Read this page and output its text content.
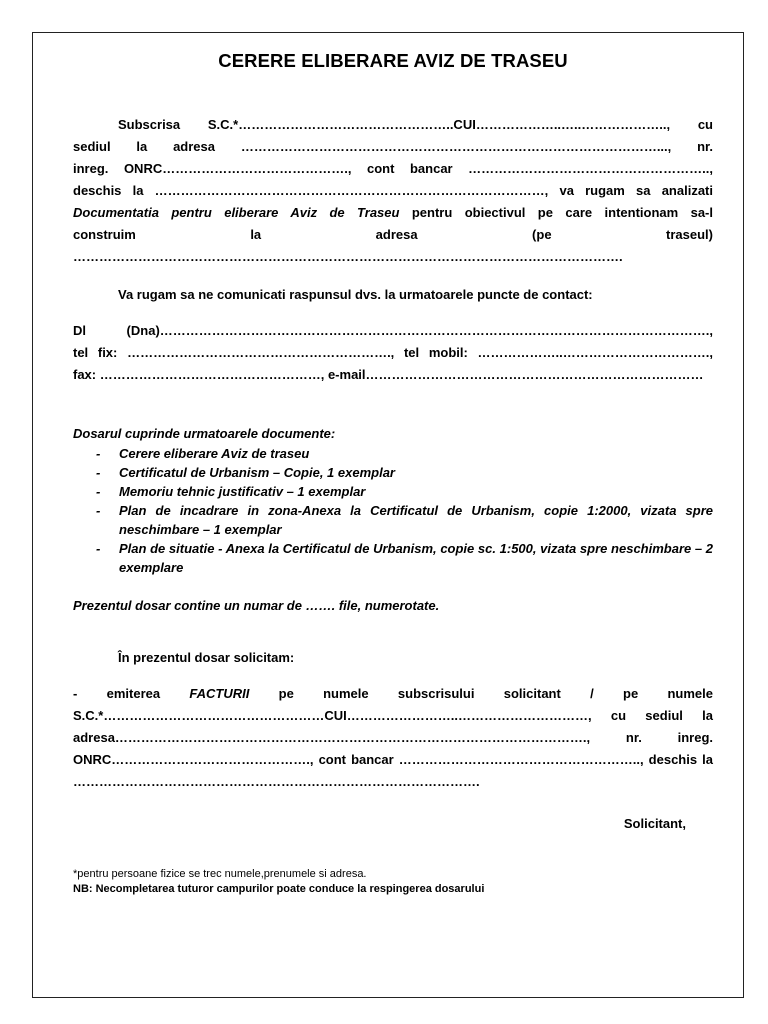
CERERE ELIBERARE AVIZ DE TRASEU

Subscrisa S.C.*…………………………………………..CUI………………..…..……………….., cu

sediul la adresa ……………………………………………………………………………………..., nr.

inreg. ONRC……………………………………., cont bancar ………………………………………………..,

deschis la ………………………………………………………………………………, va rugam sa analizati

Documentatia pentru eliberare Aviz de Traseu pentru obiectivul pe care intentionam sa-l

construim la adresa (pe traseul)

……………………………………………………………………………………………………………….

Va rugam sa ne comunicati raspunsul dvs. la urmatoarele puncte de contact:

Dl (Dna)……………………………………………………………………………………………………………….,

tel fix: ……………………………………………………., tel mobil: ………………..…………………………….,

fax: ……………………………………………, e-mail……………………………………………………………………

Dosarul cuprinde urmatoarele documente:

- Cerere eliberare Aviz de traseu
- Certificatul de Urbanism – Copie, 1 exemplar
- Memoriu tehnic justificativ – 1 exemplar
- Plan de incadrare in zona-Anexa la Certificatul de Urbanism, copie 1:2000, vizata spre neschimbare – 1 exemplar
- Plan de situatie - Anexa la Certificatul de Urbanism, copie sc. 1:500, vizata spre neschimbare – 2 exemplare

Prezentul dosar contine un numar de ……. file, numerotate.

În prezentul dosar solicitam:

- emiterea FACTURII pe numele subscrisului solicitant / pe numele

S.C.*……………………………………………CUI……………………..…………………………, cu sediul la

adresa………………………………………………………………………………………………., nr. inreg.

ONRC………………………………………., cont bancar ……………………………………………….., deschis la

………………………………………………………………………………….

Solicitant,

*pentru persoane fizice se trec numele,prenumele si adresa.

NB: Necompletarea tuturor campurilor poate conduce la respingerea dosarului
